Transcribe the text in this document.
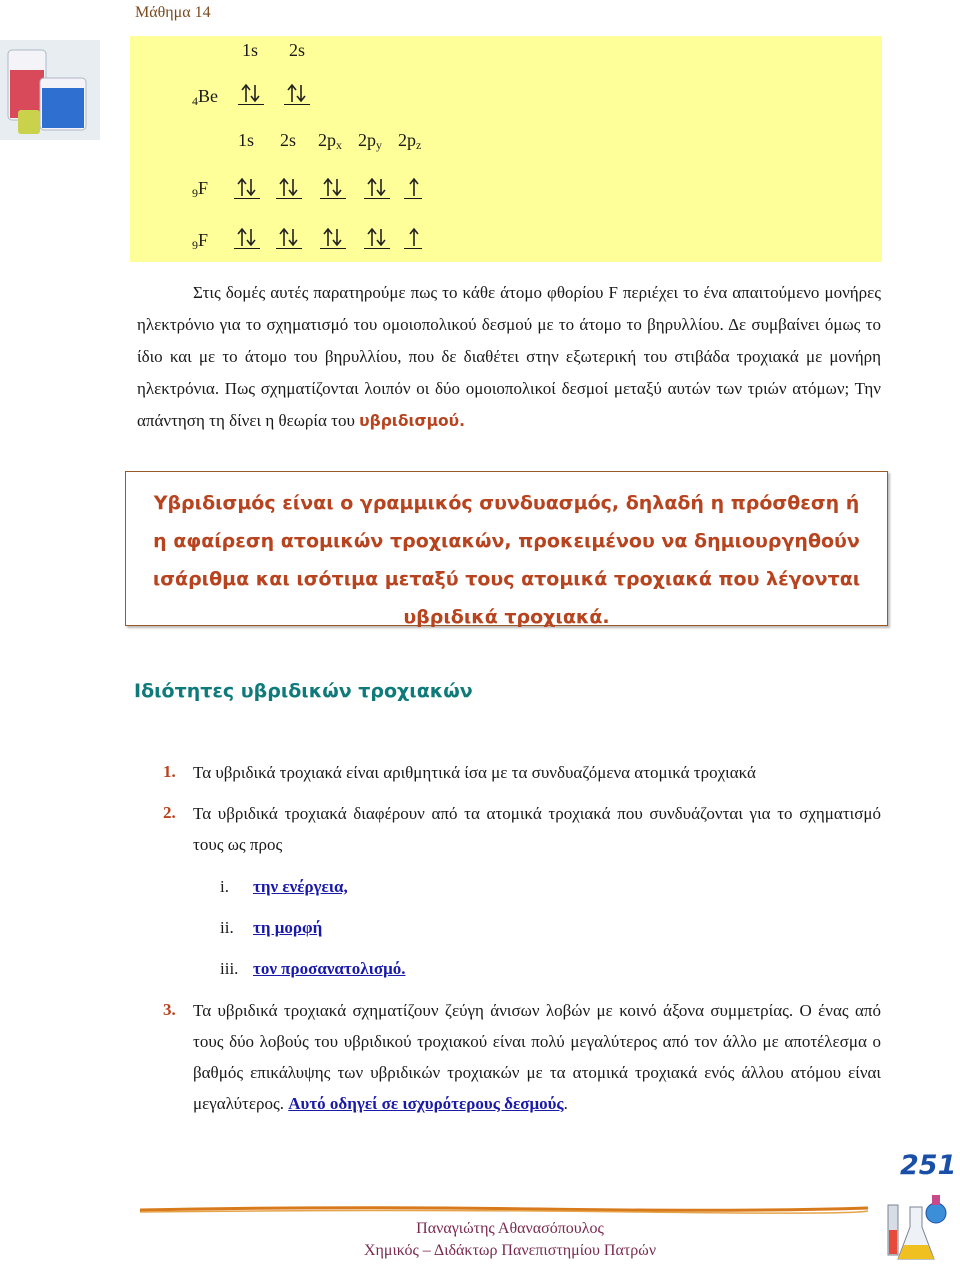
Μάθημα 14
1s 2s
$_4$Be
1s 2s $2p_x$ $2p_y$ $2p_z$
$_9$F
$_9$F

Στις δομές αυτές παρατηρούμε πως το κάθε άτομο φθορίου F περιέχει το ένα απαιτούμενο μονήρες ηλεκτρόνιο για το σχηματισμό του ομοιοπολικού δεσμού με το άτομο το βηρυλλίου. Δε συμβαίνει όμως το ίδιο και με το άτομο του βηρυλλίου, που δε διαθέτει στην εξωτερική του στιβάδα τροχιακά με μονήρη ηλεκτρόνια. Πως σχηματίζονται λοιπόν οι δύο ομοιοπολικοί δεσμοί μεταξύ αυτών των τριών ατόμων; Την απάντηση τη δίνει η θεωρία του υβριδισμού.

Υβριδισμός είναι ο γραμμικός συνδυασμός, δηλαδή η πρόσθεση ή η αφαίρεση ατομικών τροχιακών, προκειμένου να δημιουργηθούν ισάριθμα και ισότιμα μεταξύ τους ατομικά τροχιακά που λέγονται υβριδικά τροχιακά.

Ιδιότητες υβριδικών τροχιακών
1. Τα υβριδικά τροχιακά είναι αριθμητικά ίσα με τα συνδυαζόμενα ατομικά τροχιακά
2. Τα υβριδικά τροχιακά διαφέρουν από τα ατομικά τροχιακά που συνδυάζονται για το σχηματισμό τους ως προς
i. την ενέργεια,
ii. τη μορφή
iii. τον προσανατολισμό.
3. Τα υβριδικά τροχιακά σχηματίζουν ζεύγη άνισων λοβών με κοινό άξονα συμμετρίας. Ο ένας από τους δύο λοβούς του υβριδικού τροχιακού είναι πολύ μεγαλύτερος από τον άλλο με αποτέλεσμα ο βαθμός επικάλυψης των υβριδικών τροχιακών με τα ατομικά τροχιακά ενός άλλου ατόμου είναι μεγαλύτερος. Αυτό οδηγεί σε ισχυρότερους δεσμούς.
251
Παναγιώτης Αθανασόπουλος
Χημικός – Διδάκτωρ Πανεπιστημίου Πατρών
